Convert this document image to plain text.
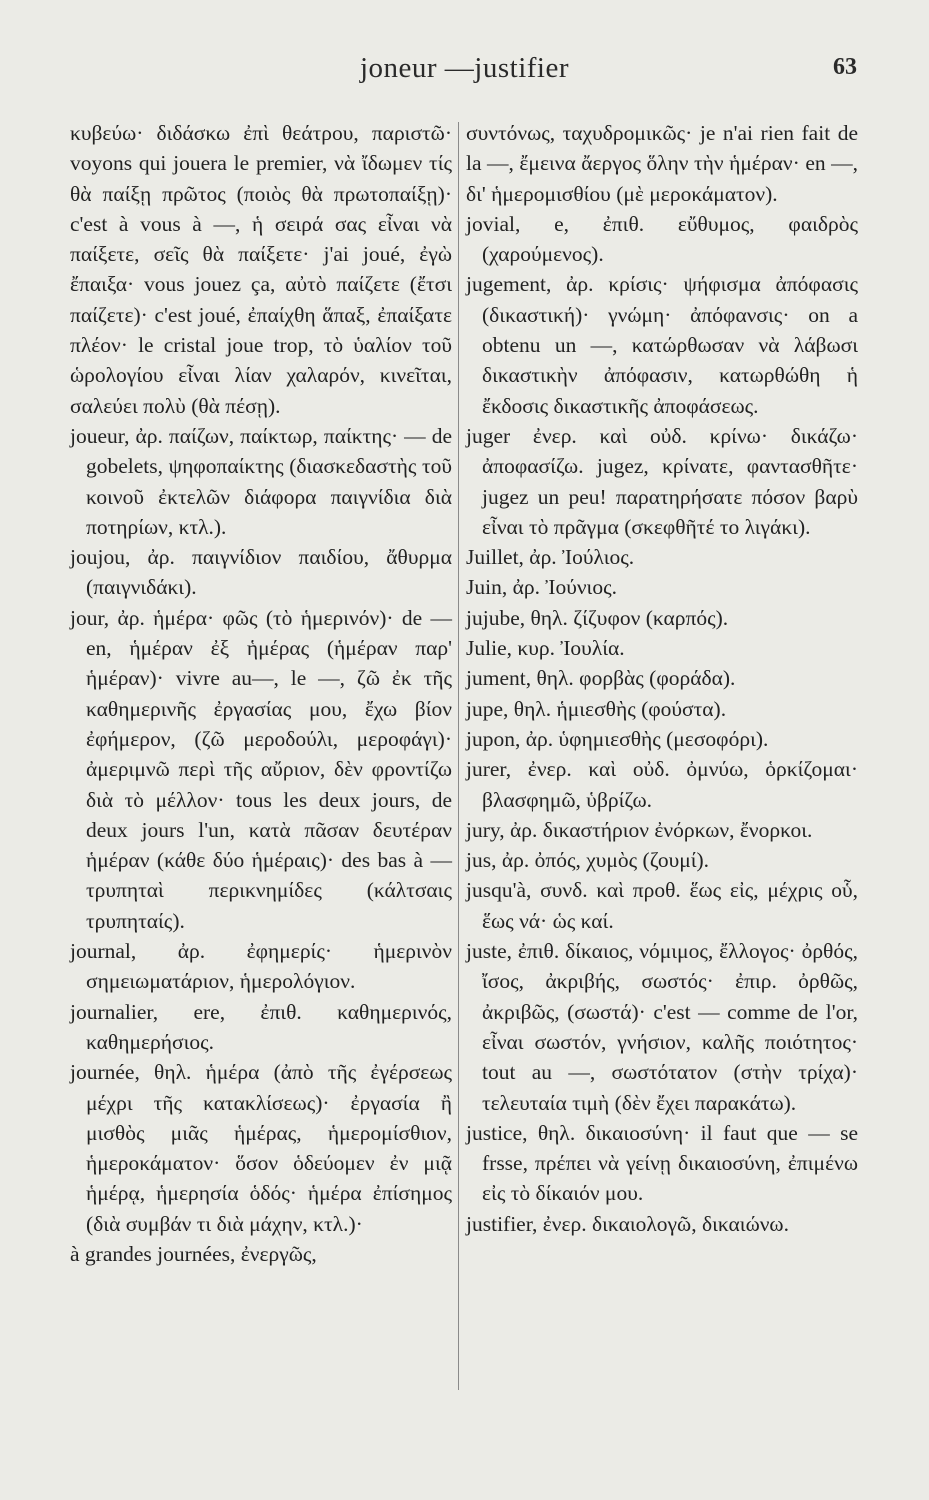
joneur —justifier	63

κυβεύω· διδάσκω ἐπὶ θεάτρου, παριστῶ· voyons qui jouera le premier, νὰ ἴδωμεν τίς θὰ παίξῃ πρῶτος (ποιὸς θὰ πρωτοπαίξῃ)· c'est à vous à —, ἡ σειρά σας εἶναι νὰ παίξετε, σεῖς θὰ παίξετε· j'ai joué, ἐγὼ ἔπαιξα· vous jouez ça, αὐτὸ παίζετε (ἔτσι παίζετε)· c'est joué, ἐπαίχθη ἅπαξ, ἐπαίξατε πλέον· le cristal joue trop, τὸ ὑαλίον τοῦ ὡρολογίου εἶναι λίαν χαλαρόν, κινεῖται, σαλεύει πολὺ (θὰ πέσῃ).

joueur, ἀρ. παίζων, παίκτωρ, παίκτης· — de gobelets, ψηφοπαίκτης (διασκεδαστὴς τοῦ κοινοῦ ἐκτελῶν διάφορα παιγνίδια διὰ ποτηρίων, κτλ.).

joujou, ἀρ. παιγνίδιον παιδίου, ἄθυρμα (παιγνιδάκι).

jour, ἀρ. ἡμέρα· φῶς (τὸ ἡμερινόν)· de — en, ἡμέραν ἐξ ἡμέρας (ἡμέραν παρ' ἡμέραν)· vivre au—, le —, ζῶ ἐκ τῆς καθημερινῆς ἐργασίας μου, ἔχω βίον ἐφήμερον, (ζῶ μεροδούλι, μεροφάγι)· ἀμεριμνῶ περὶ τῆς αὔριον, δὲν φροντίζω διὰ τὸ μέλλον· tous les deux jours, de deux jours l'un, κατὰ πᾶσαν δευτέραν ἡμέραν (κάθε δύο ἡμέραις)· des bas à — τρυπηταὶ περικνημίδες (κάλτσαις τρυπηταίς).

journal, ἀρ. ἐφημερίς· ἡμερινὸν σημειωματάριον, ἡμερολόγιον.

journalier, ere, ἐπιθ. καθημερινός, καθημερήσιος.

journée, θηλ. ἡμέρα (ἀπὸ τῆς ἐγέρσεως μέχρι τῆς κατακλίσεως)· ἐργασία ἢ μισθὸς μιᾶς ἡμέρας, ἡμερομίσθιον, ἡμεροκάματον· ὅσον ὁδεύομεν ἐν μιᾷ ἡμέρᾳ, ἡμερησία ὁδός· ἡμέρα ἐπίσημος (διὰ συμβάν τι διὰ μάχην, κτλ.)·

à grandes journées, ἐνεργῶς,

συντόνως, ταχυδρομικῶς· je n'ai rien fait de la —, ἔμεινα ἄεργος ὅλην τὴν ἡμέραν· en —, δι' ἡμερομισθίου (μὲ μεροκάματον).

jovial, e, ἐπιθ. εὔθυμος, φαιδρὸς (χαρούμενος).

jugement, ἀρ. κρίσις· ψήφισμα ἀπόφασις (δικαστική)· γνώμη· ἀπόφανσις· on a obtenu un —, κατώρθωσαν νὰ λάβωσι δικαστικὴν ἀπόφασιν, κατωρθώθη ἡ ἔκδοσις δικαστικῆς ἀποφάσεως.

juger ἐνερ. καὶ οὐδ. κρίνω· δικάζω· ἀποφασίζω. jugez, κρίνατε, φαντασθῆτε· jugez un peu! παρατηρήσατε πόσον βαρὺ εἶναι τὸ πρᾶγμα (σκεφθῆτέ το λιγάκι).

Juillet, ἀρ. Ἰούλιος.

Juin, ἀρ. Ἰούνιος.

jujube, θηλ. ζίζυφον (καρπός).

Julie, κυρ. Ἰουλία.

jument, θηλ. φορβὰς (φοράδα).

jupe, θηλ. ἡμιεσθὴς (φούστα).

jupon, ἀρ. ὑφημιεσθὴς (μεσοφόρι).

jurer, ἐνερ. καὶ οὐδ. ὀμνύω, ὁρκίζομαι· βλασφημῶ, ὑβρίζω.

jury, ἀρ. δικαστήριον ἐνόρκων, ἔνορκοι.

jus, ἀρ. ὀπός, χυμὸς (ζουμί).

jusqu'à, συνδ. καὶ προθ. ἕως εἰς, μέχρις οὗ, ἕως νά· ὡς καί.

juste, ἐπιθ. δίκαιος, νόμιμος, ἔλλογος· ὀρθός, ἴσος, ἀκριβής, σωστός· ἐπιρ. ὀρθῶς, ἀκριβῶς, (σωστά)· c'est — comme de l'or, εἶναι σωστόν, γνήσιον, καλῆς ποιότητος· tout au —, σωστότατον (στὴν τρίχα)· τελευταία τιμὴ (δὲν ἔχει παρακάτω).

justice, θηλ. δικαιοσύνη· il faut que — se frsse, πρέπει νὰ γείνῃ δικαιοσύνη, ἐπιμένω εἰς τὸ δίκαιόν μου.

justifier, ἐνερ. δικαιολογῶ, δικαιώνω.
